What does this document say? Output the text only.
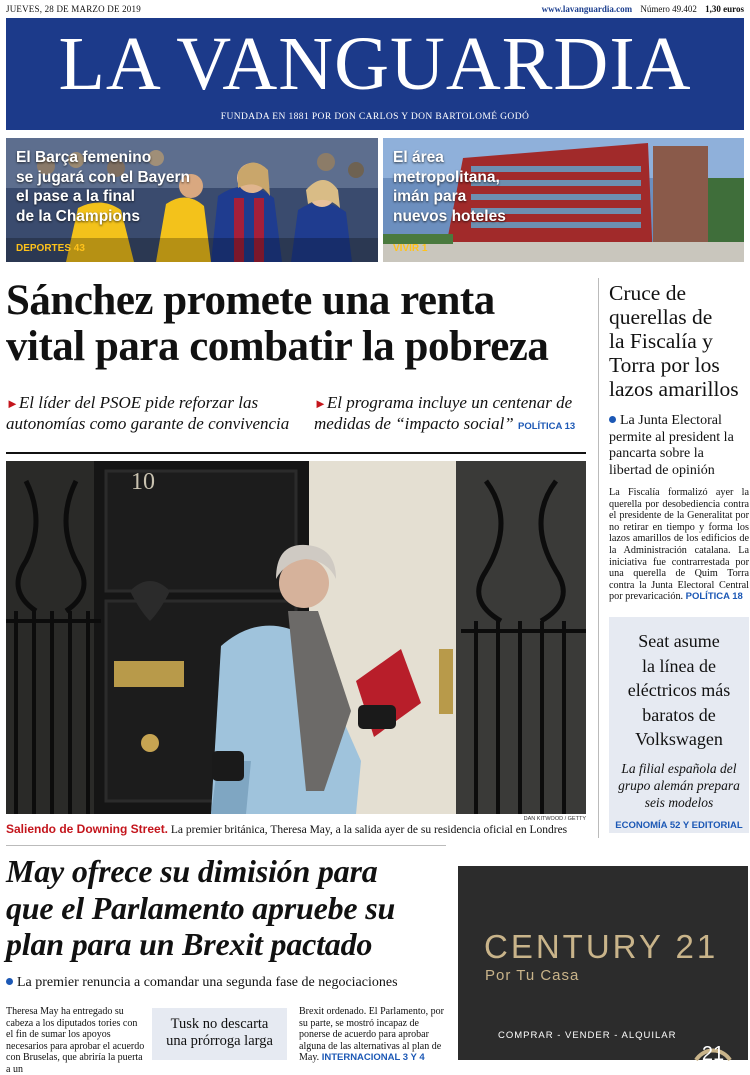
JUEVES, 28 DE MARZO DE 2019	www.lavanguardia.com Número 49.402 1,30 euros
LA VANGUARDIA
FUNDADA EN 1881 POR DON CARLOS Y DON BARTOLOMÉ GODÓ
El Barça femenino
se jugará con el Bayern
el pase a la final
de la Champions
DEPORTES 43
El área
metropolitana,
imán para
nuevos hoteles
VIVIR 1
Sánchez promete una renta
vital para combatir la pobreza
►El líder del PSOE pide reforzar las autonomías como garante de convivencia
►El programa incluye un centenar de medidas de “impacto social” POLÍTICA 13
10
DAN KITWOOD / GETTY
Saliendo de Downing Street. La premier británica, Theresa May, a la salida ayer de su residencia oficial en Londres
Cruce de
querellas de
la Fiscalía y
Torra por los
lazos amarillos
La Junta Electoral permite al president la pancarta sobre la libertad de opinión
La Fiscalía formalizó ayer la querella por desobediencia contra el presidente de la Generalitat por no retirar en tiempo y forma los lazos amarillos de los edificios de la Administración catalana. La iniciativa fue contrarrestada por una querella de Quim Torra contra la Junta Electoral Central por prevaricación. POLÍTICA 18
Seat asume
la línea de
eléctricos más
baratos de
Volkswagen
La filial española del grupo alemán prepara seis modelos
ECONOMÍA 52 Y EDITORIAL
May ofrece su dimisión para
que el Parlamento apruebe su
plan para un Brexit pactado
La premier renuncia a comandar una segunda fase de negociaciones
Theresa May ha entregado su cabeza a los diputados tories con el fin de sumar los apoyos necesarios para aprobar el acuerdo con Bruselas, que abriría la puerta a un
Tusk no descarta
una prórroga larga
Brexit ordenado. El Parlamento, por su parte, se mostró incapaz de ponerse de acuerdo para aprobar alguna de las alternativas al plan de May. INTERNACIONAL 3 Y 4
CENTURY 21
Por Tu Casa
COMPRAR - VENDER - ALQUILAR
21
